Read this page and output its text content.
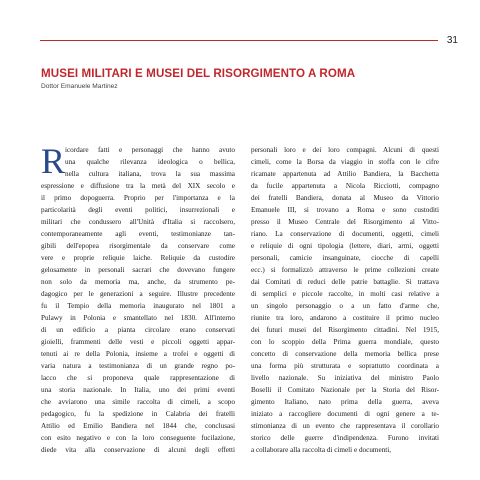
31
MUSEI MILITARI E MUSEI DEL RISORGIMENTO A ROMA
Dottor Emanuele Martinez
R icordare fatti e personaggi che hanno avuto
una qualche rilevanza ideologica o bellica,
nella cultura italiana, trova la sua massima
espressione e diffusione tra la metà del XIX secolo e
il primo dopoguerra. Proprio per l'importanza e la
particolarità degli eventi politici, insurrezionali e
militari che condussero all'Unità d'Italia si raccolsero,
contemporaneamente agli eventi, testimonianze tan-
gibili dell'epopea risorgimentale da conservare come
vere e proprie reliquie laiche. Reliquie da custodire
gelosamente in personali sacrari che dovevano fungere
non solo da memoria ma, anche, da strumento pe-
dagogico per le generazioni a seguire. Illustre precedente
fu il Tempio della memoria inaugurato nel 1801 a
Pulawy in Polonia e smantellato nel 1830. All'interno
di un edificio a pianta circolare erano conservati
gioielli, frammenti delle vesti e piccoli oggetti appar-
tenuti ai re della Polonia, insieme a trofei e oggetti di
varia natura a testimonianza di un grande regno po-
lacco che si proponeva quale rappresentazione di
una storia nazionale. In Italia, uno dei primi eventi
che avviarono una simile raccolta di cimeli, a scopo
pedagogico, fu la spedizione in Calabria dei fratelli
Attilio ed Emilio Bandiera nel 1844 che, conclusasi
con esito negativo e con la loro conseguente fucilazione,
diede vita alla conservazione di alcuni degli effetti
personali loro e dei loro compagni. Alcuni di questi
cimeli, come la Borsa da viaggio in stoffa con le cifre
ricamate appartenuta ad Attilio Bandiera, la Bacchetta
da fucile appartenuta a Nicola Ricciotti, compagno
dei fratelli Bandiera, donata al Museo da Vittorio
Emanuele III, si trovano a Roma e sono custoditi
presso il Museo Centrale del Risorgimento al Vitto-
riano. La conservazione di documenti, oggetti, cimeli
e reliquie di ogni tipologia (lettere, diari, armi, oggetti
personali, camicie insanguinate, ciocche di capelli
ecc.) si formalizzò attraverso le prime collezioni create
dai Comitati di reduci delle patrie battaglie. Si trattava
di semplici e piccole raccolte, in molti casi relative a
un singolo personaggio o a un fatto d'arme che,
riunite tra loro, andarono a costituire il primo nucleo
dei futuri musei del Risorgimento cittadini. Nel 1915,
con lo scoppio della Prima guerra mondiale, questo
concetto di conservazione della memoria bellica prese
una forma più strutturata e soprattutto coordinata a
livello nazionale. Su iniziativa del ministro Paolo
Boselli il Comitato Nazionale per la Storia del Risor-
gimento Italiano, nato prima della guerra, aveva
iniziato a raccogliere documenti di ogni genere a te-
stimonianza di un evento che rappresentava il corollario
storico delle guerre d'indipendenza. Furono invitati
a collaborare alla raccolta di cimeli e documenti,
